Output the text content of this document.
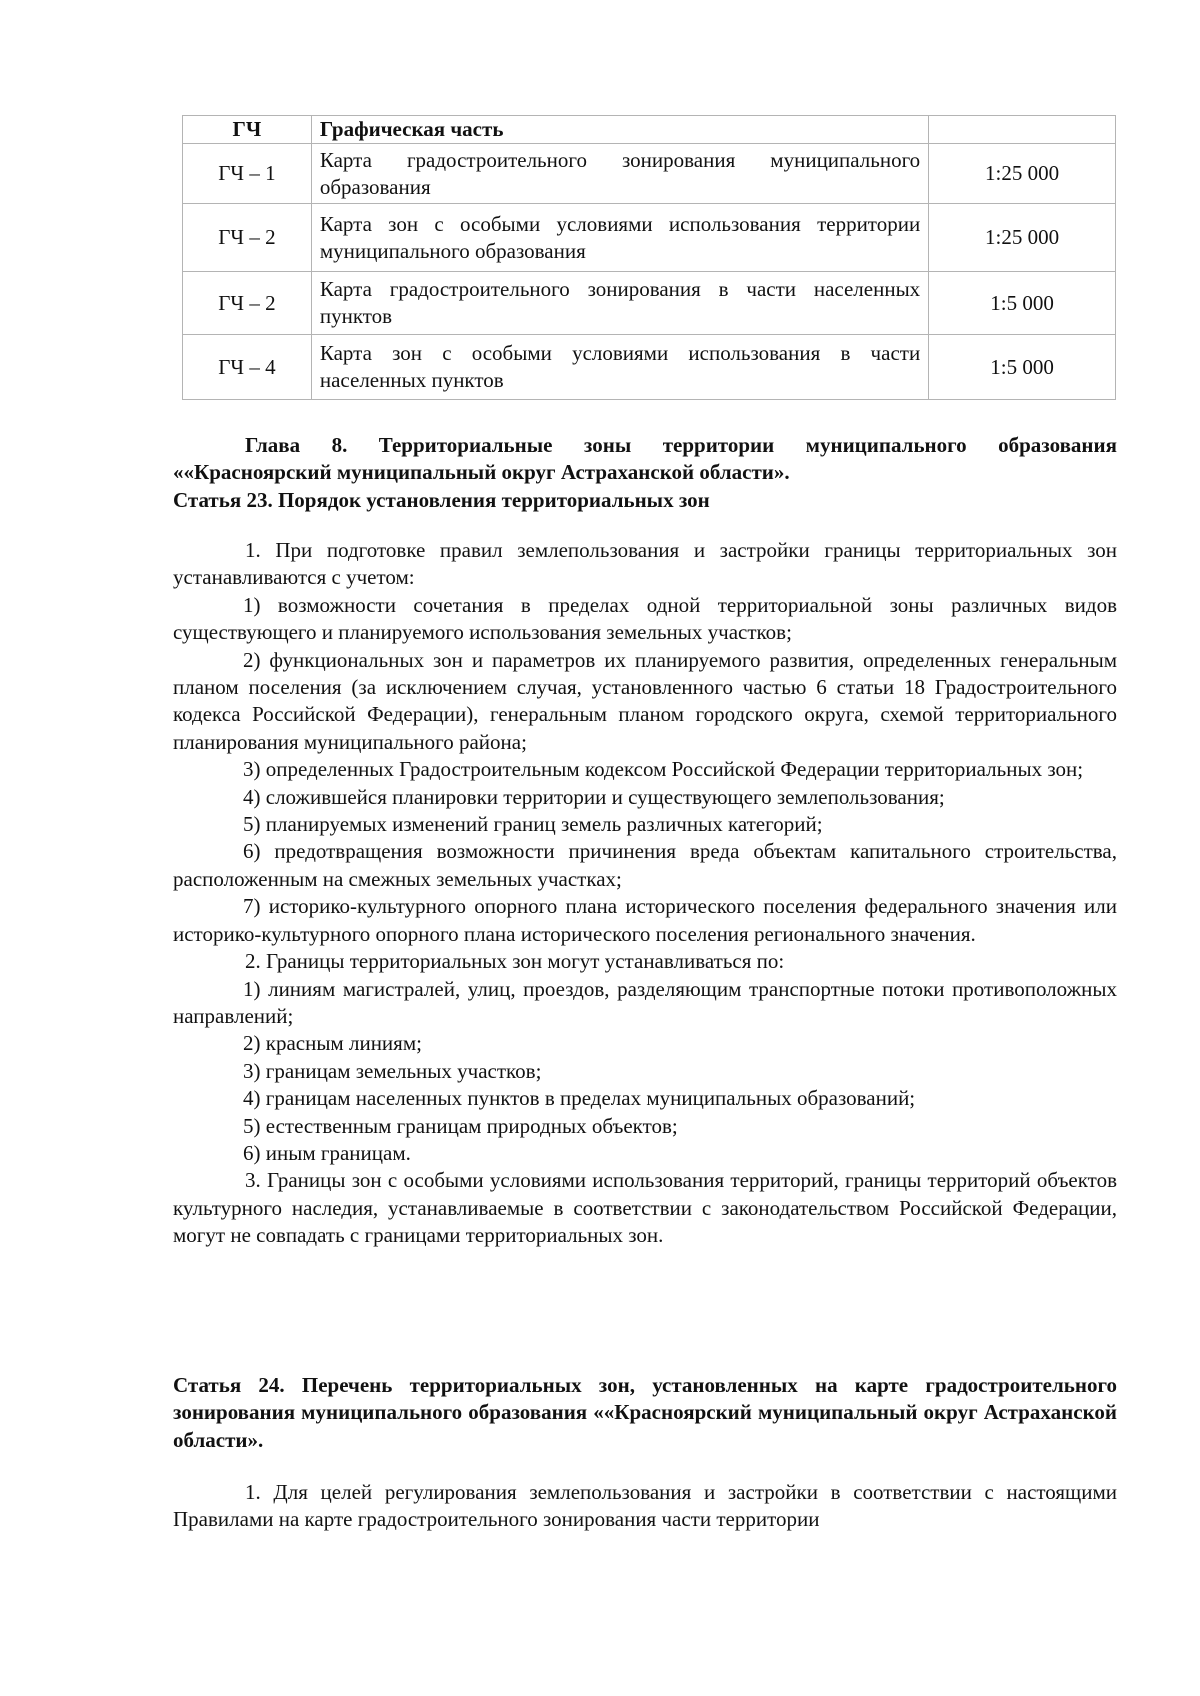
ГЧ	Графическая часть	
ГЧ – 1	Карта градостроительного зонирования муниципального образования	1:25 000
ГЧ – 2	Карта зон с особыми условиями использования территории муниципального образования	1:25 000
ГЧ – 2	Карта градостроительного зонирования в части населенных пунктов	1:5 000
ГЧ – 4	Карта зон с особыми условиями использования в части населенных пунктов	1:5 000

Глава 8. Территориальные зоны территории муниципального образования ««Красноярский муниципальный округ Астраханской области».

Статья 23. Порядок установления территориальных зон

1. При подготовке правил землепользования и застройки границы территориальных зон устанавливаются с учетом:

1) возможности сочетания в пределах одной территориальной зоны различных видов существующего и планируемого использования земельных участков;

2) функциональных зон и параметров их планируемого развития, определенных генеральным планом поселения (за исключением случая, установленного частью 6 статьи 18 Градостроительного кодекса Российской Федерации), генеральным планом городского округа, схемой территориального планирования муниципального района;

3) определенных Градостроительным кодексом Российской Федерации территориальных зон;

4) сложившейся планировки территории и существующего землепользования;

5) планируемых изменений границ земель различных категорий;

6) предотвращения возможности причинения вреда объектам капитального строительства, расположенным на смежных земельных участках;

7) историко-культурного опорного плана исторического поселения федерального значения или историко-культурного опорного плана исторического поселения регионального значения.

2. Границы территориальных зон могут устанавливаться по:

1) линиям магистралей, улиц, проездов, разделяющим транспортные потоки противоположных направлений;

2) красным линиям;

3) границам земельных участков;

4) границам населенных пунктов в пределах муниципальных образований;

5) естественным границам природных объектов;

6) иным границам.

3. Границы зон с особыми условиями использования территорий, границы территорий объектов культурного наследия, устанавливаемые в соответствии с законодательством Российской Федерации, могут не совпадать с границами территориальных зон.

Статья 24. Перечень территориальных зон, установленных на карте градостроительного зонирования муниципального образования ««Красноярский муниципальный округ Астраханской области».

1. Для целей регулирования землепользования и застройки в соответствии с настоящими Правилами на карте градостроительного зонирования части территории
